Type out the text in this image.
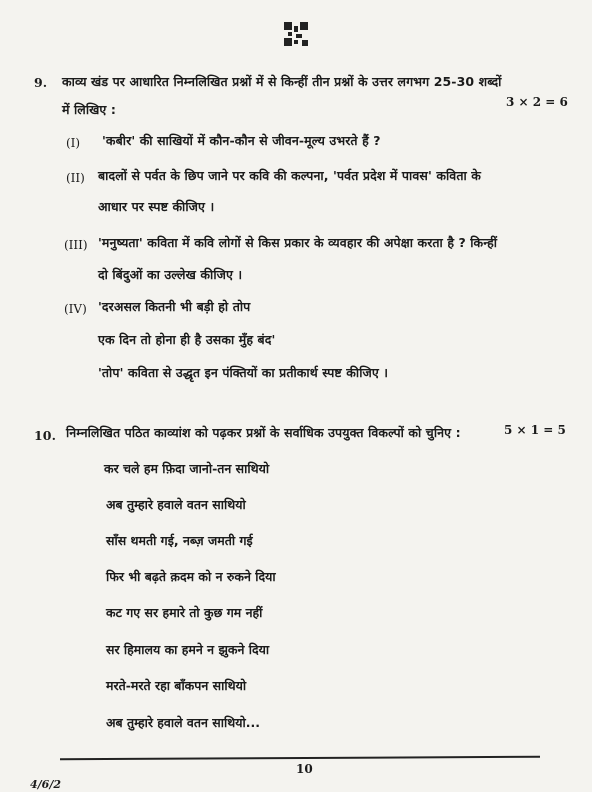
9. काव्य खंड पर आधारित निम्नलिखित प्रश्नों में से किन्हीं तीन प्रश्नों के उत्तर लगभग 25-30 शब्दों
में लिखिए :	3 × 2 = 6
(I) 'कबीर' की साखियों में कौन-कौन से जीवन-मूल्य उभरते हैं ?
(II) बादलों से पर्वत के छिप जाने पर कवि की कल्पना, 'पर्वत प्रदेश में पावस' कविता के
आधार पर स्पष्ट कीजिए ।
(III) 'मनुष्यता' कविता में कवि लोगों से किस प्रकार के व्यवहार की अपेक्षा करता है ? किन्हीं
दो बिंदुओं का उल्लेख कीजिए ।
(IV) 'दरअसल कितनी भी बड़ी हो तोप
एक दिन तो होना ही है उसका मुँह बंद'
'तोप' कविता से उद्धृत इन पंक्तियों का प्रतीकार्थ स्पष्ट कीजिए ।
10. निम्नलिखित पठित काव्यांश को पढ़कर प्रश्नों के सर्वाधिक उपयुक्त विकल्पों को चुनिए :	5 × 1 = 5
कर चले हम फ़िदा जानो-तन साथियो
अब तुम्हारे हवाले वतन साथियो
साँस थमती गई, नब्ज़ जमती गई
फिर भी बढ़ते क़दम को न रुकने दिया
कट गए सर हमारे तो कुछ गम नहीं
सर हिमालय का हमने न झुकने दिया
मरते-मरते रहा बाँकपन साथियो
अब तुम्हारे हवाले वतन साथियो...
10
4/6/2
